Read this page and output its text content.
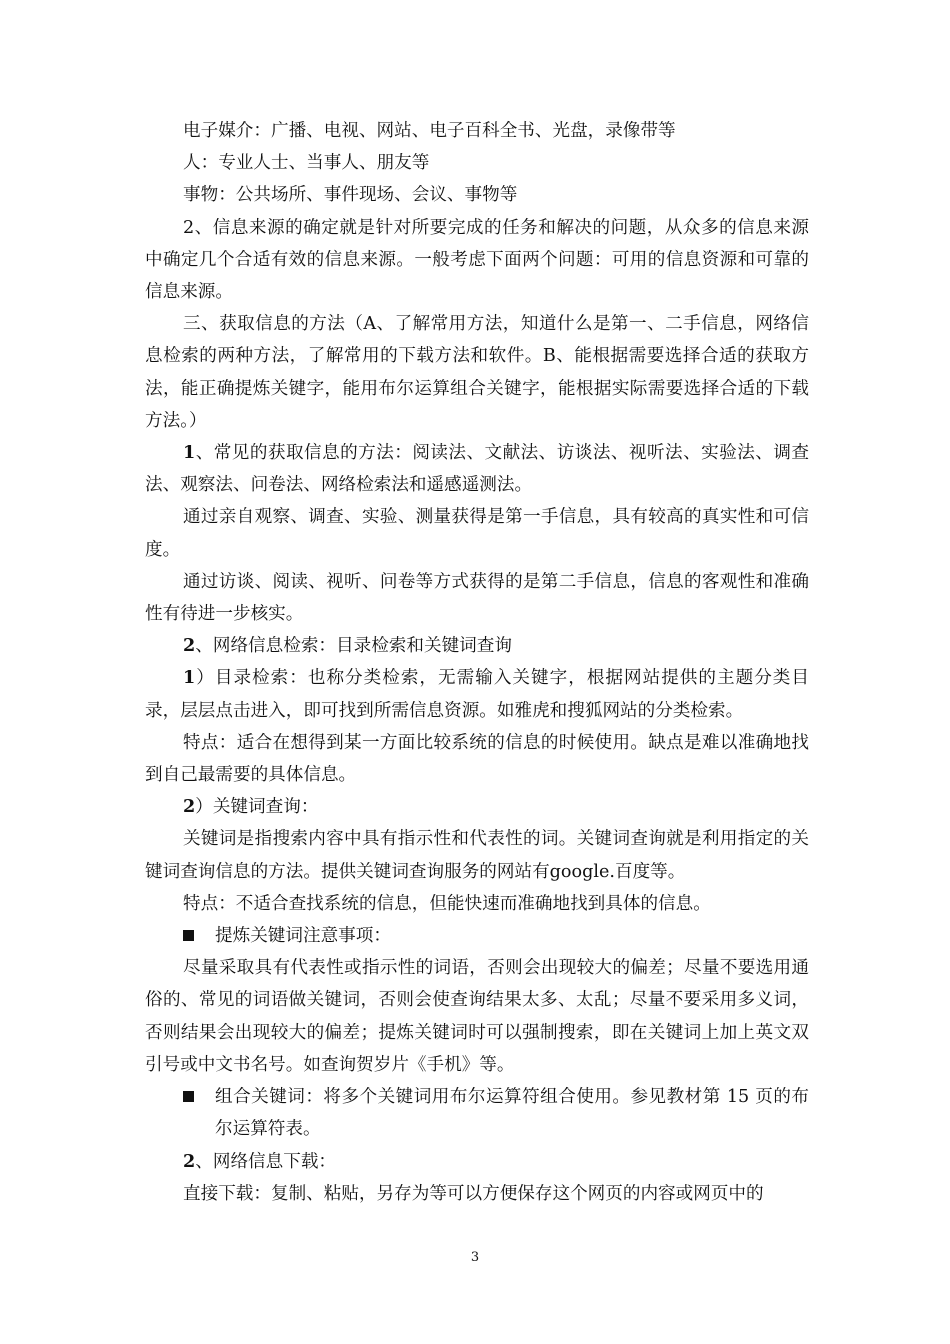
电子媒介：广播、电视、网站、电子百科全书、光盘，录像带等

人：专业人士、当事人、朋友等

事物：公共场所、事件现场、会议、事物等

2、信息来源的确定就是针对所要完成的任务和解决的问题，从众多的信息来源中确定几个合适有效的信息来源。一般考虑下面两个问题：可用的信息资源和可靠的信息来源。

三、获取信息的方法（A、了解常用方法，知道什么是第一、二手信息，网络信息检索的两种方法，了解常用的下载方法和软件。B、能根据需要选择合适的获取方法，能正确提炼关键字，能用布尔运算组合关键字，能根据实际需要选择合适的下载方法。）

1、常见的获取信息的方法：阅读法、文献法、访谈法、视听法、实验法、调查法、观察法、问卷法、网络检索法和遥感遥测法。

通过亲自观察、调查、实验、测量获得是第一手信息，具有较高的真实性和可信度。

通过访谈、阅读、视听、问卷等方式获得的是第二手信息，信息的客观性和准确性有待进一步核实。

2、网络信息检索：目录检索和关键词查询

1）目录检索：也称分类检索，无需输入关键字，根据网站提供的主题分类目录，层层点击进入，即可找到所需信息资源。如雅虎和搜狐网站的分类检索。

特点：适合在想得到某一方面比较系统的信息的时候使用。缺点是难以准确地找到自己最需要的具体信息。

2）关键词查询：

关键词是指搜索内容中具有指示性和代表性的词。关键词查询就是利用指定的关键词查询信息的方法。提供关键词查询服务的网站有google.百度等。

特点：不适合查找系统的信息，但能快速而准确地找到具体的信息。

提炼关键词注意事项：

尽量采取具有代表性或指示性的词语，否则会出现较大的偏差；尽量不要选用通俗的、常见的词语做关键词，否则会使查询结果太多、太乱；尽量不要采用多义词，否则结果会出现较大的偏差；提炼关键词时可以强制搜索，即在关键词上加上英文双引号或中文书名号。如查询贺岁片《手机》等。

组合关键词：将多个关键词用布尔运算符组合使用。参见教材第 15 页的布尔运算符表。

2、网络信息下载：

直接下载：复制、粘贴，另存为等可以方便保存这个网页的内容或网页中的

3
